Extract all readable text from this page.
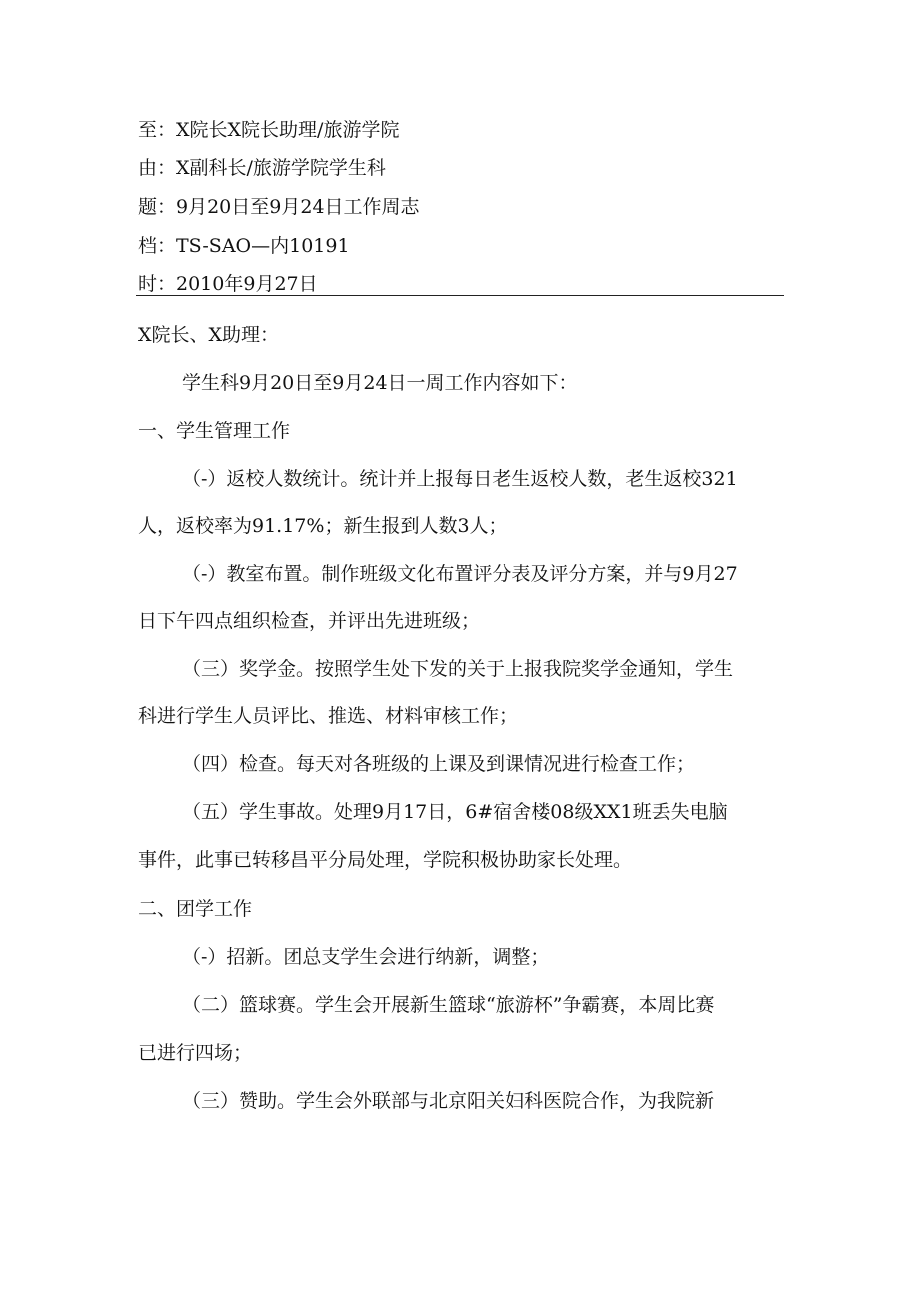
至：X院长X院长助理/旅游学院
由：X副科长/旅游学院学生科
题：9月20日至9月24日工作周志
档：TS-SAO—内10191
时：2010年9月27日
X院长、X助理：
学生科9月20日至9月24日一周工作内容如下：
一、学生管理工作
（-）返校人数统计。统计并上报每日老生返校人数，老生返校321
人，返校率为91.17%；新生报到人数3人；
（-）教室布置。制作班级文化布置评分表及评分方案，并与9月27
日下午四点组织检查，并评出先进班级；
（三）奖学金。按照学生处下发的关于上报我院奖学金通知，学生
科进行学生人员评比、推选、材料审核工作；
（四）检查。每天对各班级的上课及到课情况进行检查工作；
（五）学生事故。处理9月17日，6#宿舍楼08级XX1班丢失电脑
事件，此事已转移昌平分局处理，学院积极协助家长处理。
二、团学工作
（-）招新。团总支学生会进行纳新，调整；
（二）篮球赛。学生会开展新生篮球“旅游杯”争霸赛，本周比赛
已进行四场；
（三）赞助。学生会外联部与北京阳关妇科医院合作，为我院新
